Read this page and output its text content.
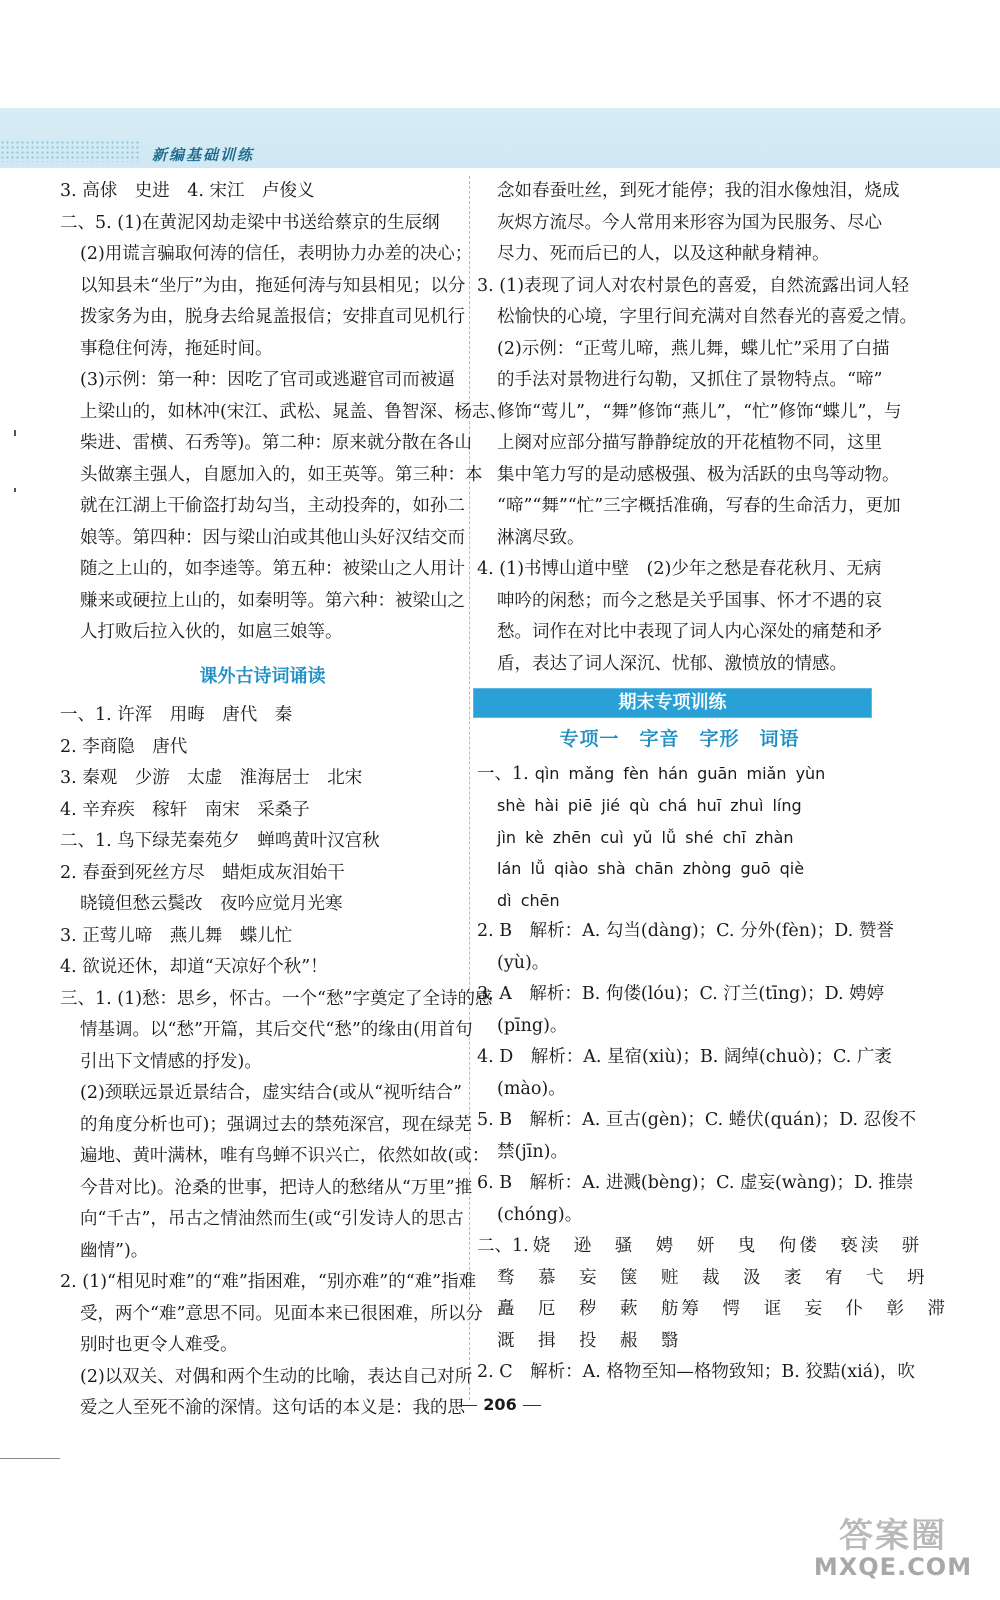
新编基础训练
3. 高俅　史进　4. 宋江　卢俊义
二、5. (1)在黄泥冈劫走梁中书送给蔡京的生辰纲
(2)用谎言骗取何涛的信任，表明协力办差的决心；
以知县未“坐厅”为由，拖延何涛与知县相见；以分
拨家务为由，脱身去给晁盖报信；安排直司见机行
事稳住何涛，拖延时间。
(3)示例：第一种：因吃了官司或逃避官司而被逼
上梁山的，如林冲(宋江、武松、晁盖、鲁智深、杨志、
柴进、雷横、石秀等)。第二种：原来就分散在各山
头做寨主强人，自愿加入的，如王英等。第三种：本
就在江湖上干偷盗打劫勾当，主动投奔的，如孙二
娘等。第四种：因与梁山泊或其他山头好汉结交而
随之上山的，如李逵等。第五种：被梁山之人用计
赚来或硬拉上山的，如秦明等。第六种：被梁山之
人打败后拉入伙的，如扈三娘等。
课外古诗词诵读
一、1. 许浑　用晦　唐代　秦
2. 李商隐　唐代
3. 秦观　少游　太虚　淮海居士　北宋
4. 辛弃疾　稼轩　南宋　采桑子
二、1. 鸟下绿芜秦苑夕　蝉鸣黄叶汉宫秋
2. 春蚕到死丝方尽　蜡炬成灰泪始干
晓镜但愁云鬓改　夜吟应觉月光寒
3. 正莺儿啼　燕儿舞　蝶儿忙
4. 欲说还休，却道“天凉好个秋”！
三、1. (1)愁：思乡，怀古。一个“愁”字奠定了全诗的感
情基调。以“愁”开篇，其后交代“愁”的缘由(用首句
引出下文情感的抒发)。
(2)颈联远景近景结合，虚实结合(或从“视听结合”
的角度分析也可)；强调过去的禁苑深宫，现在绿芜
遍地、黄叶满林，唯有鸟蝉不识兴亡，依然如故(或：
今昔对比)。沧桑的世事，把诗人的愁绪从“万里”推
向“千古”，吊古之情油然而生(或“引发诗人的思古
幽情”)。
2. (1)“相见时难”的“难”指困难，“别亦难”的“难”指难
受，两个“难”意思不同。见面本来已很困难，所以分
别时也更令人难受。
(2)以双关、对偶和两个生动的比喻，表达自己对所
爱之人至死不渝的深情。这句话的本义是：我的思
念如春蚕吐丝，到死才能停；我的泪水像烛泪，烧成
灰烬方流尽。今人常用来形容为国为民服务、尽心
尽力、死而后已的人，以及这种献身精神。
3. (1)表现了词人对农村景色的喜爱，自然流露出词人轻
松愉快的心境，字里行间充满对自然春光的喜爱之情。
(2)示例：“正莺儿啼，燕儿舞，蝶儿忙”采用了白描
的手法对景物进行勾勒，又抓住了景物特点。“啼”
修饰“莺儿”，“舞”修饰“燕儿”，“忙”修饰“蝶儿”，与
上阕对应部分描写静静绽放的开花植物不同，这里
集中笔力写的是动感极强、极为活跃的虫鸟等动物。
“啼”“舞”“忙”三字概括准确，写春的生命活力，更加
淋漓尽致。
4. (1)书博山道中壁　(2)少年之愁是春花秋月、无病
呻吟的闲愁；而今之愁是关乎国事、怀才不遇的哀
愁。词作在对比中表现了词人内心深处的痛楚和矛
盾，表达了词人深沉、忧郁、激愤放的情感。
期末专项训练
专项一　字音　字形　词语
一、1. qìn mǎng fèn hán guān miǎn yùn
shè hài piē jié qù chá huī zhuì líng
jìn kè zhēn cuì yǔ lǚ shé chī zhàn
lán lǚ qiào shà chān zhòng guō qiè
dì chēn
2. B　解析：A. 勾当(dàng)；C. 分外(fèn)；D. 赞誉
(yù)。
3. A　解析：B. 佝偻(lóu)；C. 汀兰(tīng)；D. 娉婷
(pīng)。
4. D　解析：A. 星宿(xiù)；B. 阔绰(chuò)；C. 广袤
(mào)。
5. B　解析：A. 亘古(gèn)；C. 蜷伏(quán)；D. 忍俊不
禁(jīn)。
6. B　解析：A. 进溅(bèng)；C. 虚妄(wàng)；D. 推崇
(chóng)。
二、1. 娆　逊　骚　娉　妍　曳　佝偻　亵渎　骈
骛　慕　妄　箧　赃　裁　汲　袤　宥　弋　坍
矗　厄　秽　蔌　舫筹　愕　诓　妄　仆　彰　滞
溉　揖　投　赧　翳
2. C　解析：A. 格物至知—格物致知；B. 狡黠(xiá)，吹
206
答案圈
MXQE.COM
